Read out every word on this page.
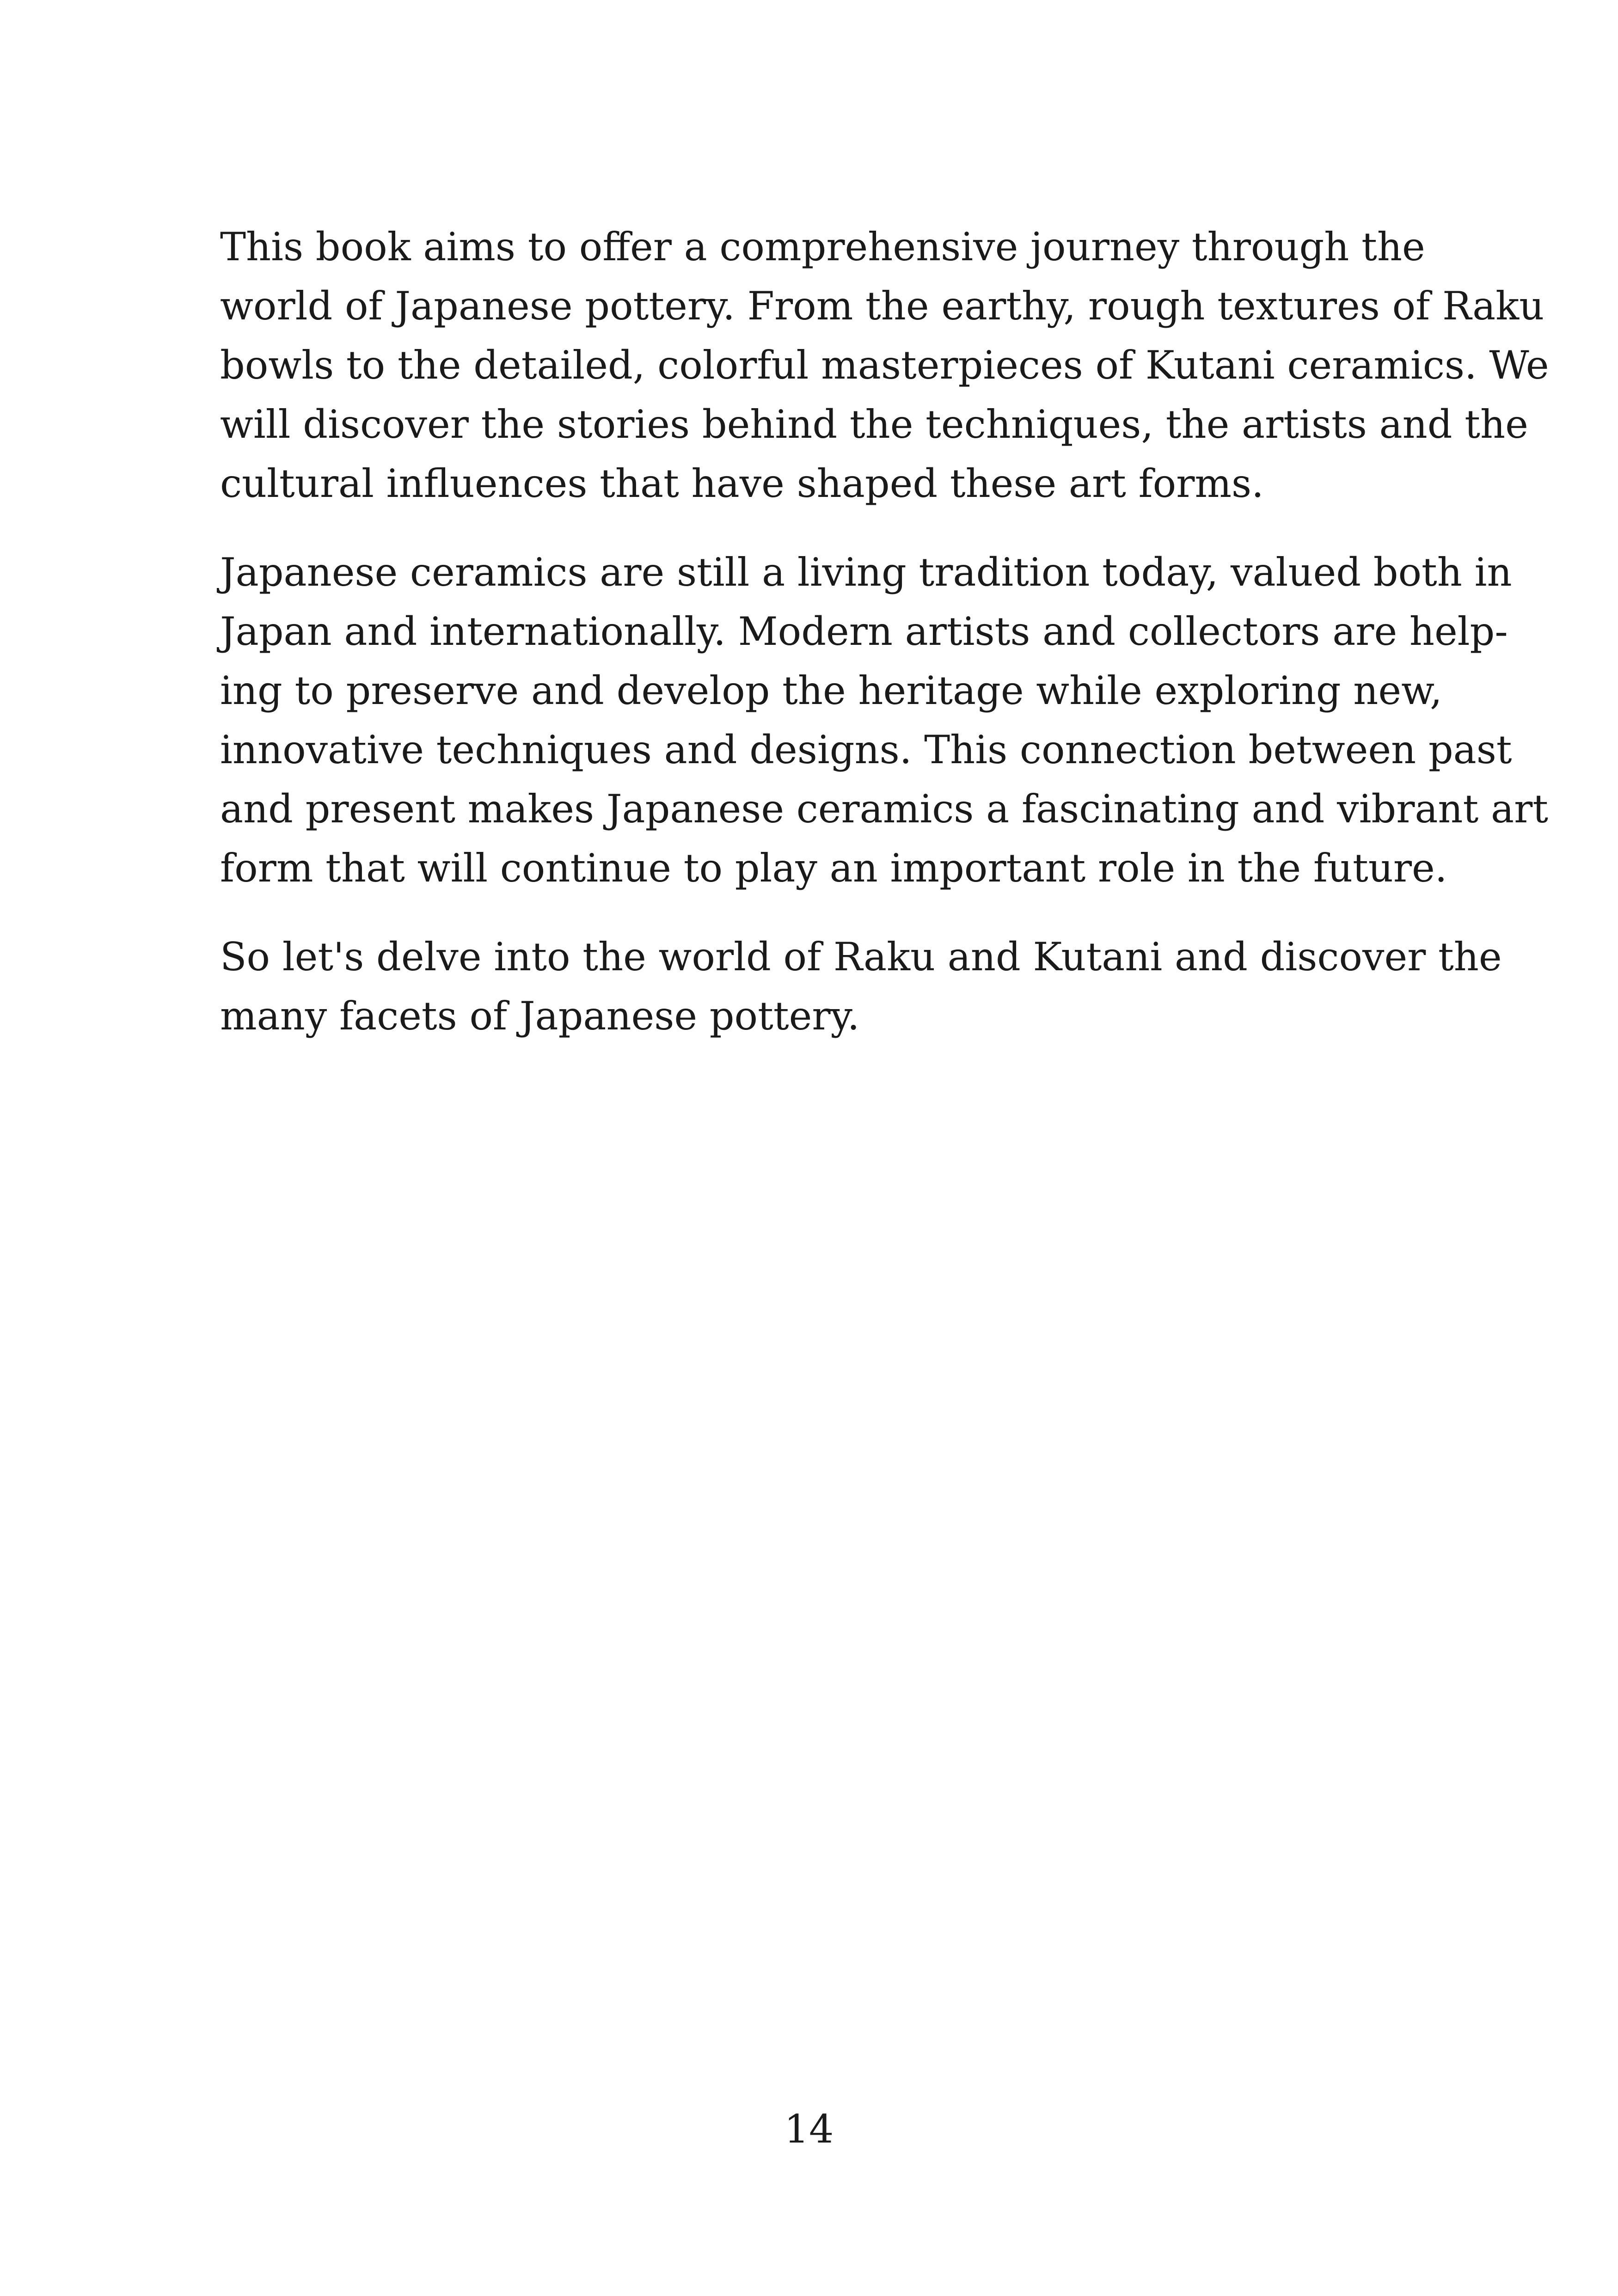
This book aims to offer a comprehensive journey through the
world of Japanese pottery. From the earthy, rough textures of Raku
bowls to the detailed, colorful masterpieces of Kutani ceramics. We
will discover the stories behind the techniques, the artists and the
cultural influences that have shaped these art forms.

Japanese ceramics are still a living tradition today, valued both in
Japan and internationally. Modern artists and collectors are help-
ing to preserve and develop the heritage while exploring new,
innovative techniques and designs. This connection between past
and present makes Japanese ceramics a fascinating and vibrant art
form that will continue to play an important role in the future.

So let's delve into the world of Raku and Kutani and discover the
many facets of Japanese pottery.

14
